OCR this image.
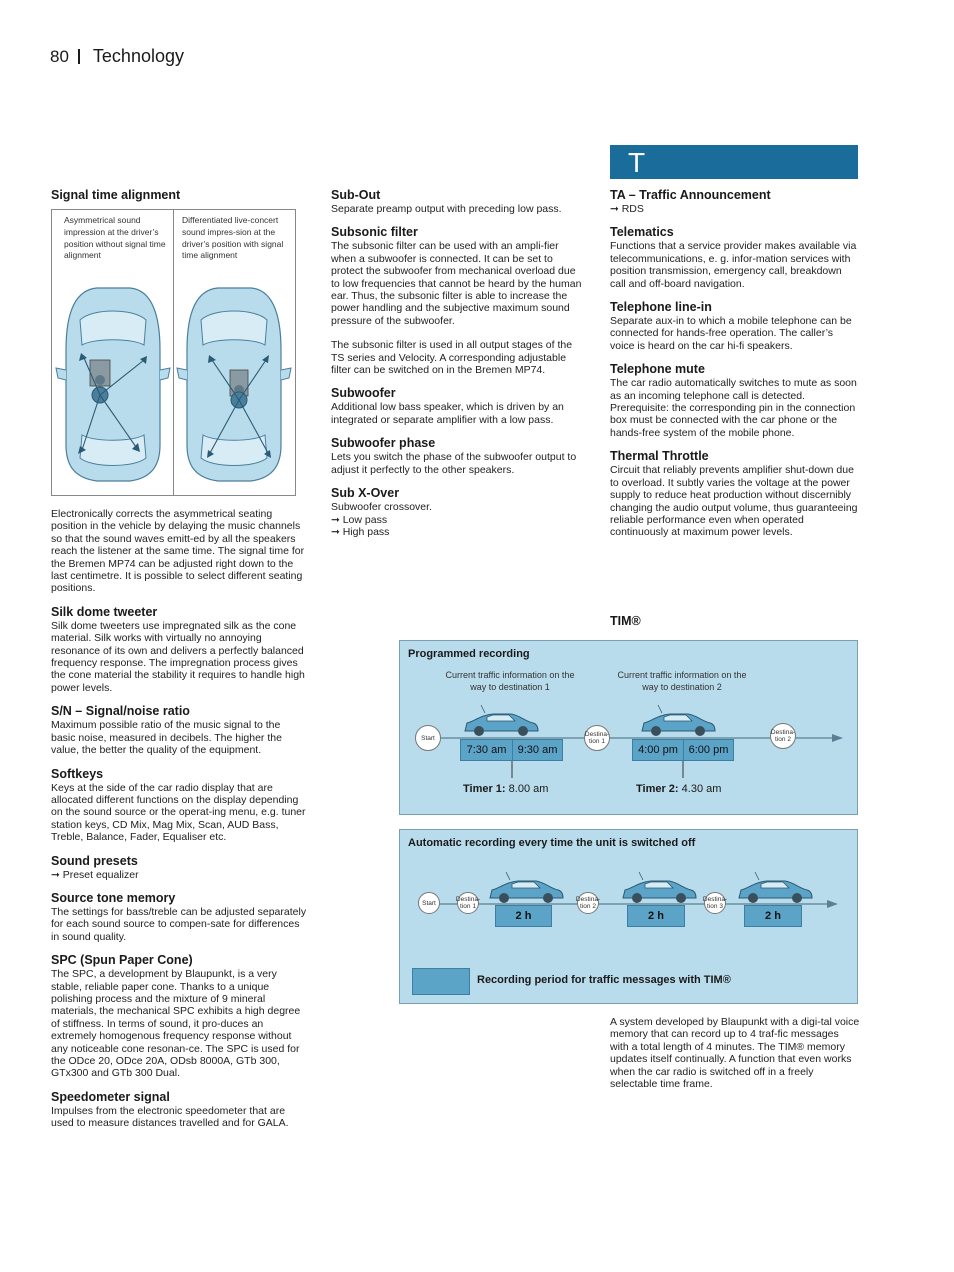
80 Technology
T
Signal time alignment
Asymmetrical sound impression at the driver’s position without signal time alignment
Differentiated live-concert sound impres-sion at the driver’s position with signal time alignment

Electronically corrects the asymmetrical seating position in the vehicle by delaying the music channels so that the sound waves emitt-ed by all the speakers reach the listener at the same time. The signal time for the Bremen MP74 can be adjusted right down to the last centimetre. It is possible to select different seating positions.

Silk dome tweeter

Silk dome tweeters use impregnated silk as the cone material. Silk works with virtually no annoying resonance of its own and delivers a perfectly balanced frequency response. The impregnation process gives the cone material the stability it requires to handle high power levels.

S/N – Signal/noise ratio

Maximum possible ratio of the music signal to the basic noise, measured in decibels. The higher the value, the better the quality of the equipment.

Softkeys

Keys at the side of the car radio display that are allocated different functions on the display depending on the sound source or the operat-ing menu, e.g. tuner station keys, CD Mix, Mag Mix, Scan, AUD Bass, Treble, Balance, Fader, Equaliser etc.

Sound presets
➞ Preset equalizer
Source tone memory

The settings for bass/treble can be adjusted separately for each sound source to compen-sate for differences in sound quality.

SPC (Spun Paper Cone)

The SPC, a development by Blaupunkt, is a very stable, reliable paper cone. Thanks to a unique polishing process and the mixture of 9 mineral materials, the mechanical SPC exhibits a high degree of stiffness. In terms of sound, it pro-duces an extremely homogenous frequency response without any noticeable cone resonan-ce. The SPC is used for the ODce 20, ODce 20A, ODsb 8000A, GTb 300, GTx300 and GTb 300 Dual.

Speedometer signal

Impulses from the electronic speedometer that are used to measure distances travelled and for GALA.

Sub-Out

Separate preamp output with preceding low pass.

Subsonic filter

The subsonic filter can be used with an ampli-fier when a subwoofer is connected. It can be set to protect the subwoofer from mechanical overload due to low frequencies that cannot be heard by the human ear. Thus, the subsonic filter is able to increase the power handling and the subjective maximum sound pressure of the subwoofer.

The subsonic filter is used in all output stages of the TS series and Velocity. A corresponding adjustable filter can be switched on in the Bremen MP74.

Subwoofer

Additional low bass speaker, which is driven by an integrated or separate amplifier with a low pass.

Subwoofer phase

Lets you switch the phase of the subwoofer output to adjust it perfectly to the other speakers.

Sub X-Over

Subwoofer crossover.

➞ Low pass
➞ High pass
TA – Traffic Announcement
➞ RDS
Telematics

Functions that a service provider makes available via telecommunications, e. g. infor-mation services with position transmission, emergency call, breakdown call and off-board navigation.

Telephone line-in

Separate aux-in to which a mobile telephone can be connected for hands-free operation. The caller’s voice is heard on the car hi-fi speakers.

Telephone mute

The car radio automatically switches to mute as soon as an incoming telephone call is detected. Prerequisite: the corresponding pin in the connection box must be connected with the car phone or the hands-free system of the mobile phone.

Thermal Throttle

Circuit that reliably prevents amplifier shut-down due to overload. It subtly varies the voltage at the power supply to reduce heat production without discernibly changing the audio output volume, thus guaranteeing reliable performance even when operated continuously at maximum power levels.

TIM®
Programmed recording
Current traffic information on the way to destination 1
Current traffic information on the way to destination 2
Start	Destina-tion 1
Destina-tion 2
7:30 am	9:30 am	4:00 pm 6:00 pm
Timer 1: 8.00 am	Timer 2: 4.30 am
Automatic recording every time the unit is switched off
Start	Destina-tion 1
Destina-tion 2
Destina-tion 3
2 h	2 h	2 h
Recording period for traffic messages with TIM®
A system developed by Blaupunkt with a digi-tal voice memory that can record up to 4 traf-fic messages with a total length of 4 minutes. The TIM® memory updates itself continually. A function that even works when the car radio is switched off in a freely selectable time frame.
